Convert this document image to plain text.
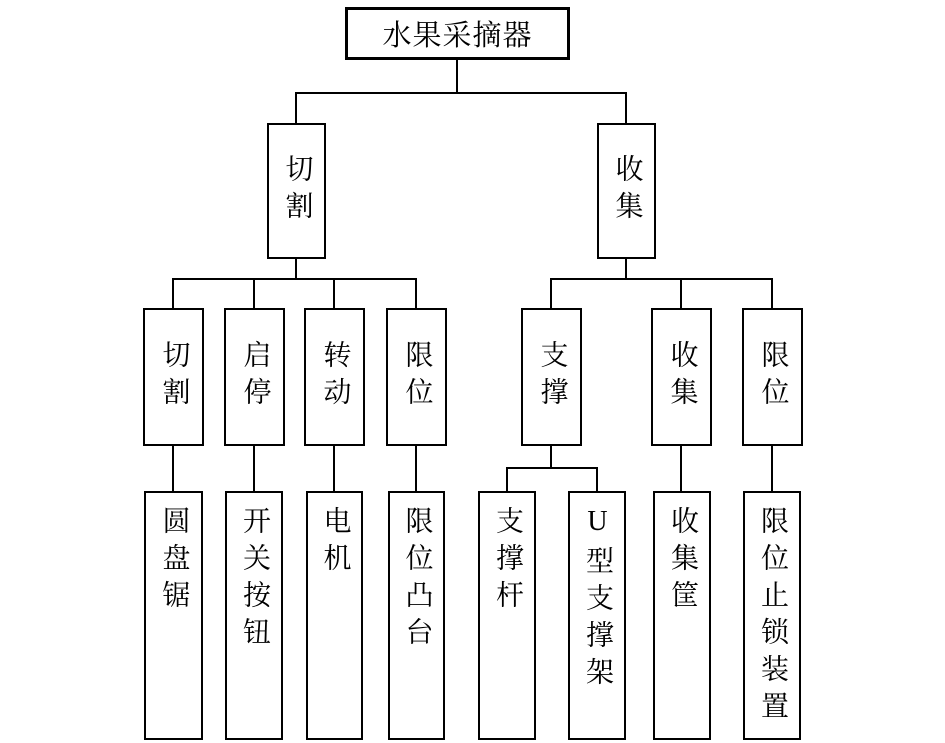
水果采摘器
切割	收集
切割 启停 转动 限位	支撑	收集 限位
圆盘锯 开关按钮 电机 限位凸台 支撑杆 U型支撑架 收集筐 限位止锁装置
